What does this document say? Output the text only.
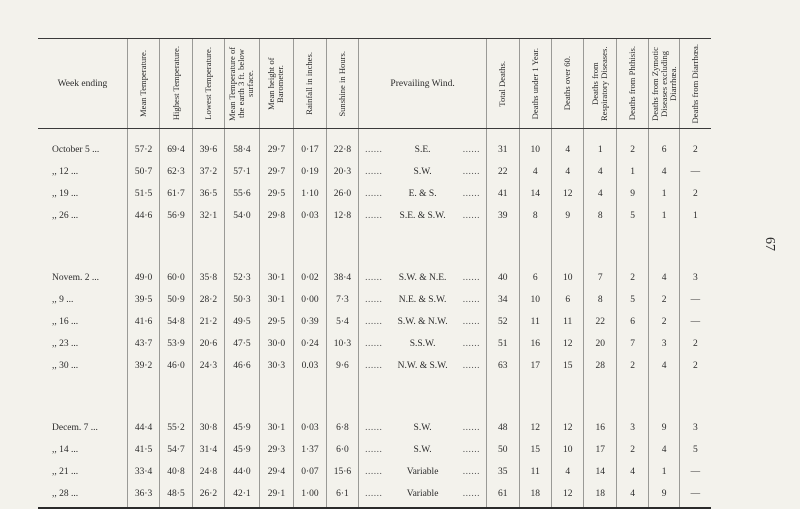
Week ending	Mean Temperature.	Highest Temperature.	Lowest Temperature.	Mean Temperature of the earth 3 ft. below surface.	Mean height of Barometer.	Rainfall in inches.	Sunshine in Hours.	Prevailing Wind.	Total Deaths.	Deaths under 1 Year.	Deaths over 60.	Deaths from Respiratory Diseases.	Deaths from Phthisis.	Deaths from Zymotic Diseases excluding Diarrhœa.	Deaths from Diarrhœa.

October 5 ...	57·2	69·4	39·6	58·4	29·7	0·17	22·8	...... S.E. ......	31	10	4	1	2	6	2
,, 12 ...	50·7	62·3	37·2	57·1	29·7	0·19	20·3	...... S.W. ......	22	4	4	4	1	4	—
,, 19 ...	51·5	61·7	36·5	55·6	29·5	1·10	26·0	...... E. & S. ......	41	14	12	4	9	1	2
,, 26 ...	44·6	56·9	32·1	54·0	29·8	0·03	12·8	...... S.E. & S.W. ......	39	8	9	8	5	1	1

Novem. 2 ...	49·0	60·0	35·8	52·3	30·1	0·02	38·4	...... S.W. & N.E. ......	40	6	10	7	2	4	3
,, 9 ...	39·5	50·9	28·2	50·3	30·1	0·00	7·3	...... N.E. & S.W. ......	34	10	6	8	5	2	—
,, 16 ...	41·6	54·8	21·2	49·5	29·5	0·39	5·4	...... S.W. & N.W. ......	52	11	11	22	6	2	—
,, 23 ...	43·7	53·9	20·6	47·5	30·0	0·24	10·3	...... S.S.W. ......	51	16	12	20	7	3	2
,, 30 ...	39·2	46·0	24·3	46·6	30·3	0.03	9·6	...... N.W. & S.W. ......	63	17	15	28	2	4	2

Decem. 7 ...	44·4	55·2	30·8	45·9	30·1	0·03	6·8	...... S.W. ......	48	12	12	16	3	9	3
,, 14 ...	41·5	54·7	31·4	45·9	29·3	1·37	6·0	...... S.W. ......	50	15	10	17	2	4	5
,, 21 ...	33·4	40·8	24·8	44·0	29·4	0·07	15·6	...... Variable ......	35	11	4	14	4	1	—
,, 28 ...	36·3	48·5	26·2	42·1	29·1	1·00	6·1	...... Variable ......	61	18	12	18	4	9	—
67
